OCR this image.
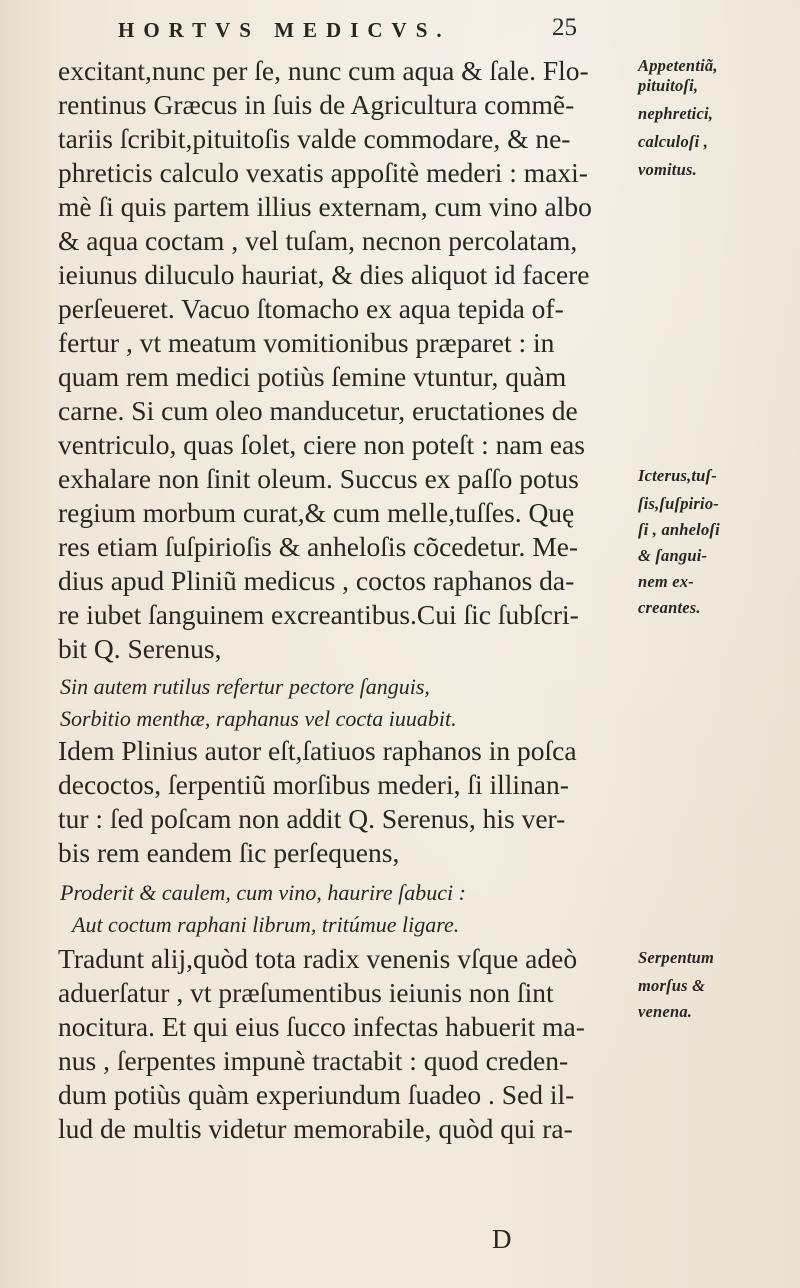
HORTVS MEDICVS.	25
excitant,nunc per ſe, nunc cum aqua & ſale. Flo-
rentinus Græcus in ſuis de Agricultura commẽ-
tariis ſcribit,pituitoſis valde commodare, & ne-
phreticis calculo vexatis appoſitè mederi : maxi-
mè ſi quis partem illius externam, cum vino albo
& aqua coctam , vel tuſam, necnon percolatam,
ieiunus diluculo hauriat, & dies aliquot id facere
perſeueret. Vacuo ſtomacho ex aqua tepida of-
fertur , vt meatum vomitionibus præparet : in
quam rem medici potiùs ſemine vtuntur, quàm
carne. Si cum oleo manducetur, eructationes de
ventriculo, quas ſolet, ciere non poteſt : nam eas
exhalare non ſinit oleum. Succus ex paſſo potus
regium morbum curat,& cum melle,tuſſes. Quę
res etiam ſuſpirioſis & anheloſis cõcedetur. Me-
dius apud Pliniũ medicus , coctos raphanos da-
re iubet ſanguinem excreantibus.Cui ſic ſubſcri-
bit Q. Serenus,
Sin autem rutilus refertur pectore ſanguis,
Sorbitio menthæ, raphanus vel cocta iuuabit.
Idem Plinius autor eſt,ſatiuos raphanos in poſca
decoctos, ſerpentiũ morſibus mederi, ſi illinan-
tur : ſed poſcam non addit Q. Serenus, his ver-
bis rem eandem ſic perſequens,
Proderit & caulem, cum vino, haurire ſabuci :
Aut coctum raphani librum, tritúmue ligare.
Tradunt alij,quòd tota radix venenis vſque adeò
aduerſatur , vt præſumentibus ieiunis non ſint
nocitura. Et qui eius ſucco infectas habuerit ma-
nus , ſerpentes impunè tractabit : quod creden-
dum potiùs quàm experiundum ſuadeo . Sed il-
lud de multis videtur memorabile, quòd qui ra-
Appetentiã,
pituitoſi,
nephretici,
calculoſi ,
vomitus.
Icterus,tuſ-
ſis,ſuſpirio-
ſi , anheloſi
& ſangui-
nem ex-
creantes.
Serpentum
morſus &
venena.
D
